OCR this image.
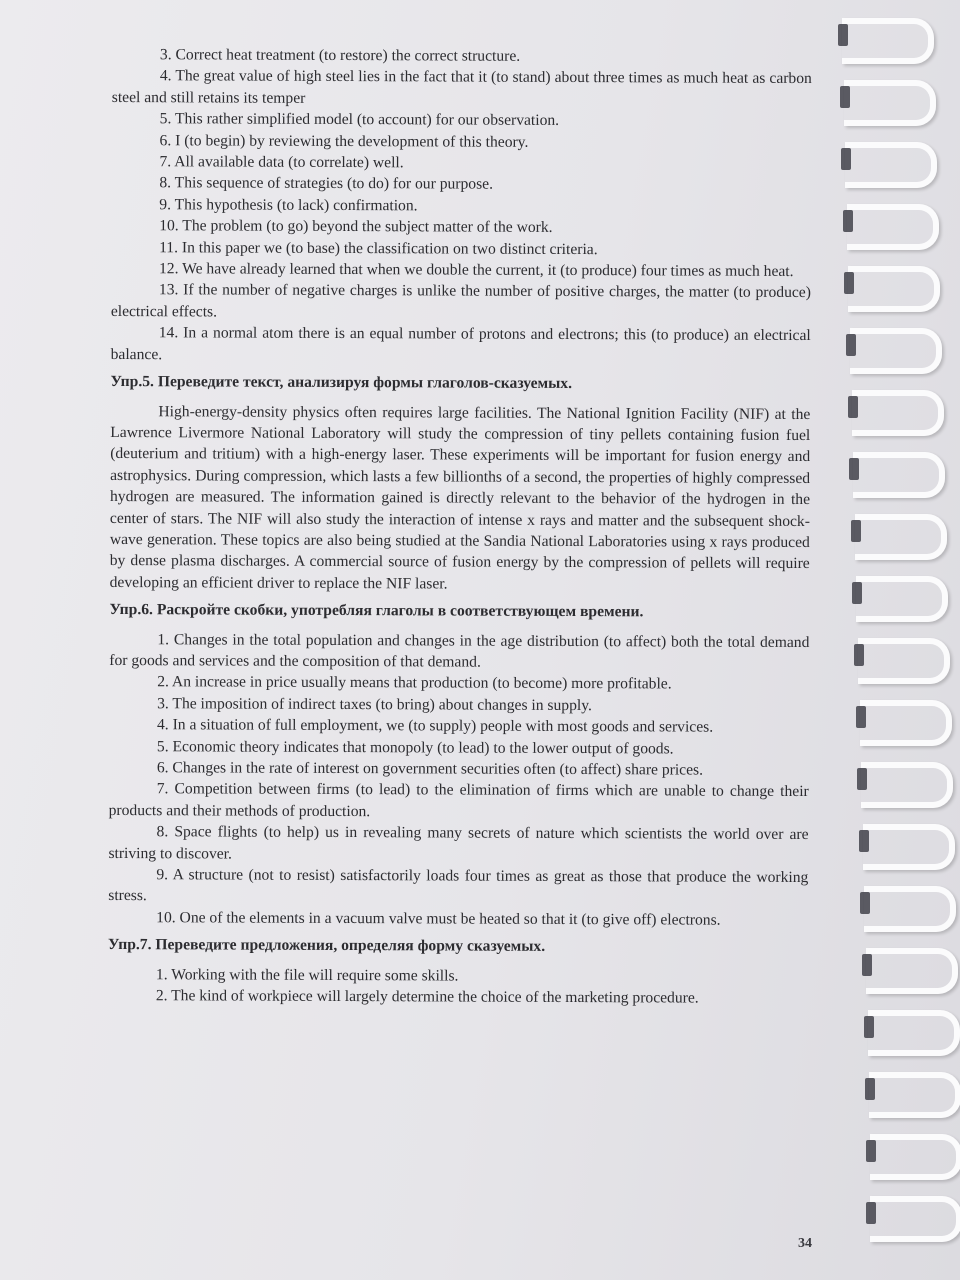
3. Correct heat treatment (to restore) the correct structure.

4. The great value of high steel lies in the fact that it (to stand) about three times as much heat as carbon steel and still retains its temper

5. This rather simplified model (to account) for our observation.

6. I (to begin) by reviewing the development of this theory.

7. All available data (to correlate) well.

8. This sequence of strategies (to do) for our purpose.

9. This hypothesis (to lack) confirmation.

10. The problem (to go) beyond the subject matter of the work.

11. In this paper we (to base) the classification on two distinct criteria.

12. We have already learned that when we double the current, it (to produce) four times as much heat.

13. If the number of negative charges is unlike the number of positive charges, the matter (to produce) electrical effects.

14. In a normal atom there is an equal number of protons and electrons; this (to produce) an electrical balance.

Упр.5. Переведите текст, анализируя формы глаголов-сказуемых.

High-energy-density physics often requires large facilities. The National Ignition Facility (NIF) at the Lawrence Livermore National Laboratory will study the compression of tiny pellets containing fusion fuel (deuterium and tritium) with a high-energy laser. These experiments will be important for fusion energy and astrophysics. During compression, which lasts a few billionths of a second, the properties of highly compressed hydrogen are measured. The information gained is directly relevant to the behavior of the hydrogen in the center of stars. The NIF will also study the interaction of intense x rays and matter and the subsequent shock-wave generation. These topics are also being studied at the Sandia National Laboratories using x rays produced by dense plasma discharges. A commercial source of fusion energy by the compression of pellets will require developing an efficient driver to replace the NIF laser.

Упр.6. Раскройте скобки, употребляя глаголы в соответствующем времени.

1. Changes in the total population and changes in the age distribution (to affect) both the total demand for goods and services and the composition of that demand.

2. An increase in price usually means that production (to become) more profitable.

3. The imposition of indirect taxes (to bring) about changes in supply.

4. In a situation of full employment, we (to supply) people with most goods and services.

5. Economic theory indicates that monopoly (to lead) to the lower output of goods.

6. Changes in the rate of interest on government securities often (to affect) share prices.

7. Competition between firms (to lead) to the elimination of firms which are unable to change their products and their methods of production.

8. Space flights (to help) us in revealing many secrets of nature which scientists the world over are striving to discover.

9. A structure (not to resist) satisfactorily loads four times as great as those that produce the working stress.

10. One of the elements in a vacuum valve must be heated so that it (to give off) electrons.

Упр.7. Переведите предложения, определяя форму сказуемых.

1. Working with the file will require some skills.

2. The kind of workpiece will largely determine the choice of the marketing procedure.

34
